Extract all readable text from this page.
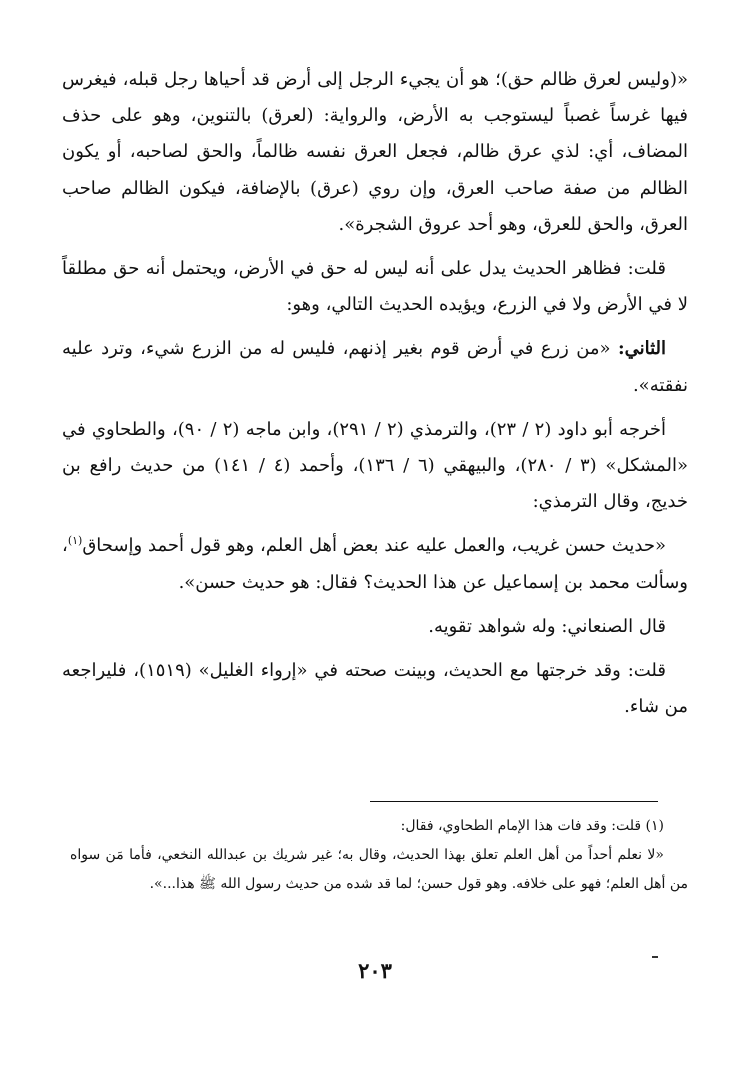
«(وليس لعرق ظالم حق)؛ هو أن يجيء الرجل إلى أرض قد أحياها رجل قبله، فيغرس فيها غرساً غصباً ليستوجب به الأرض، والرواية: (لعرق) بالتنوين، وهو على حذف المضاف، أي: لذي عرق ظالم، فجعل العرق نفسه ظالماً، والحق لصاحبه، أو يكون الظالم من صفة صاحب العرق، وإن روي (عرق) بالإضافة، فيكون الظالم صاحب العرق، والحق للعرق، وهو أحد عروق الشجرة».

قلت: فظاهر الحديث يدل على أنه ليس له حق في الأرض، ويحتمل أنه حق مطلقاً لا في الأرض ولا في الزرع، ويؤيده الحديث التالي، وهو:

الثاني: «من زرع في أرض قوم بغير إذنهم، فليس له من الزرع شيء، وترد عليه نفقته».

أخرجه أبو داود (٢ / ٢٣)، والترمذي (٢ / ٢٩١)، وابن ماجه (٢ / ٩٠)، والطحاوي في «المشكل» (٣ / ٢٨٠)، والبيهقي (٦ / ١٣٦)، وأحمد (٤ / ١٤١) من حديث رافع بن خديج، وقال الترمذي:

«حديث حسن غريب، والعمل عليه عند بعض أهل العلم، وهو قول أحمد وإسحاق$^{(١)}$، وسألت محمد بن إسماعيل عن هذا الحديث؟ فقال: هو حديث حسن».

قال الصنعاني: وله شواهد تقويه.

قلت: وقد خرجتها مع الحديث، وبينت صحته في «إرواء الغليل» (١٥١٩)، فليراجعه من شاء.

(١) قلت: وقد فات هذا الإمام الطحاوي، فقال:

«لا نعلم أحداً من أهل العلم تعلق بهذا الحديث، وقال به؛ غير شريك بن عبدالله النخعي، فأما مَن سواه من أهل العلم؛ فهو على خلافه. وهو قول حسن؛ لما قد شده من حديث رسول الله ﷺ هذا...».

٢٠٣
